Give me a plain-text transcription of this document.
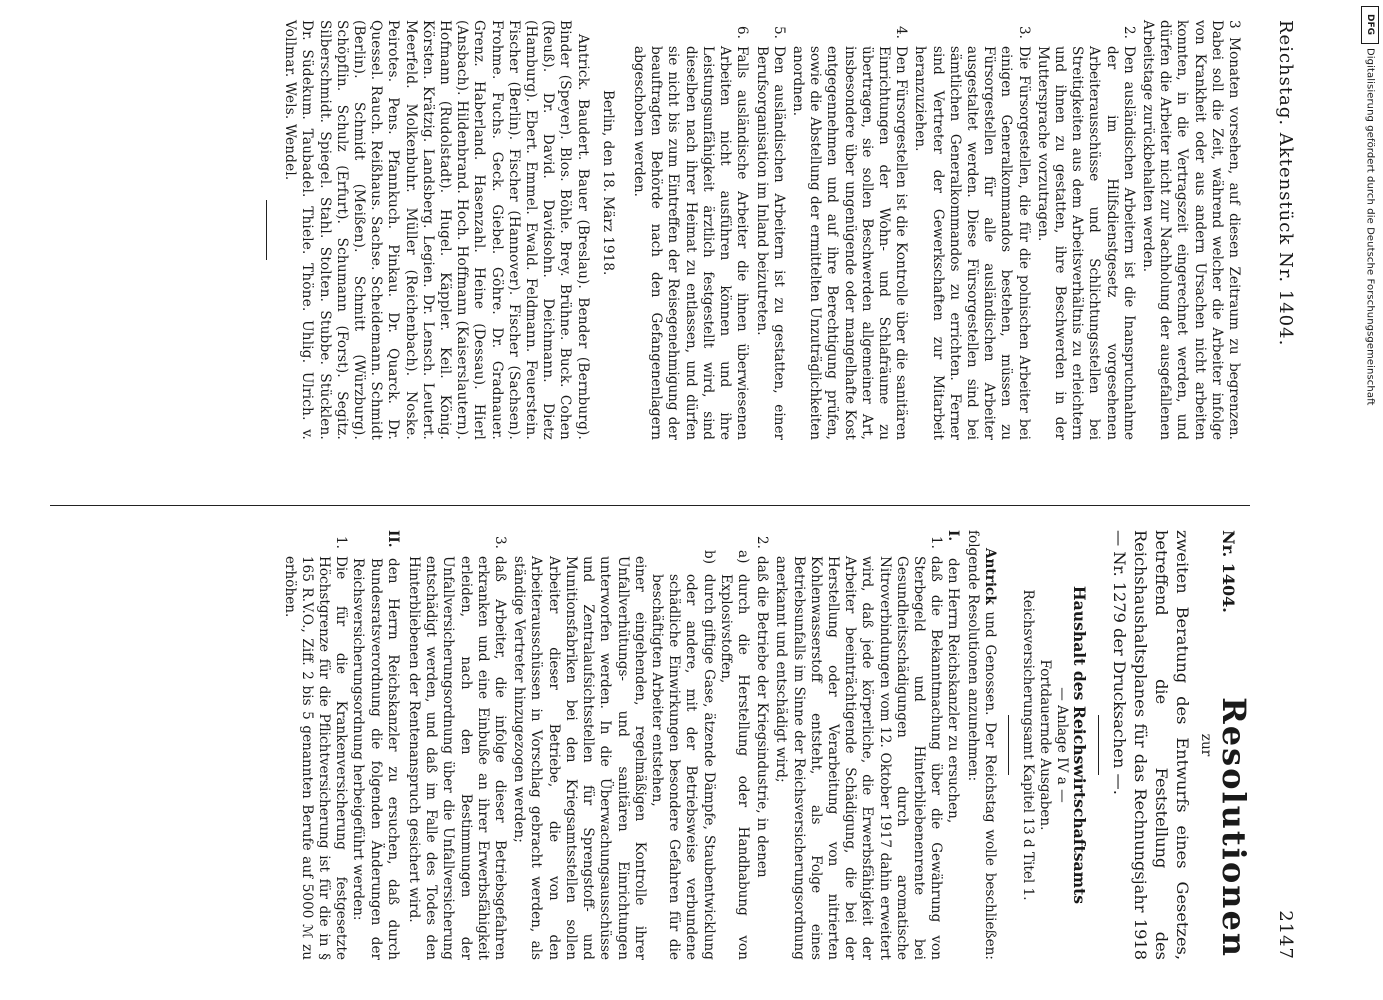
DFG
Digitalisierung gefördert durch die Deutsche Forschungsgemeinschaft
Reichstag. Aktenstück Nr. 1404.
2147

3 Monaten vorsehen, auf diesen Zeitraum zu begrenzen. Dabei soll die Zeit, während welcher die Arbeiter infolge von Krankheit oder aus andern Ursachen nicht arbeiten konnten, in die Vertragszeit eingerechnet werden, und dürfen die Arbeiter nicht zur Nachholung der ausgefallenen Arbeitstage zurückbehalten werden.

2.
Den ausländischen Arbeitern ist die Inanspruchnahme der im Hilfsdienstgesetz vorgesehenen Arbeiterausschüsse und Schlichtungsstellen bei Streitigkeiten aus dem Arbeitsverhältnis zu erleichtern und ihnen zu gestatten, ihre Beschwerden in der Muttersprache vorzutragen.
3.
Die Fürsorgestellen, die für die polnischen Arbeiter bei einigen Generalkommandos bestehen, müssen zu Fürsorgestellen für alle ausländischen Arbeiter ausgestaltet werden. Diese Fürsorgestellen sind bei sämtlichen Generalkommandos zu errichten. Ferner sind Vertreter der Gewerkschaften zur Mitarbeit heranzuziehen.
4.
Den Fürsorgestellen ist die Kontrolle über die sanitären Einrichtungen der Wohn- und Schlafräume zu übertragen, sie sollen Beschwerden allgemeiner Art, insbesondere über ungenügende oder mangelhafte Kost entgegennehmen und auf ihre Berechtigung prüfen, sowie die Abstellung der ermittelten Unzuträglichkeiten anordnen.
5.
Den ausländischen Arbeitern ist zu gestatten, einer Berufsorganisation im Inland beizutreten.
6.
Falls ausländische Arbeiter die ihnen überwiesenen Arbeiten nicht ausführen können und ihre Leistungsunfähigkeit ärztlich festgestellt wird, sind dieselben nach ihrer Heimat zu entlassen, und dürfen sie nicht bis zum Eintreffen der Reisegenehmigung der beauftragten Behörde nach den Gefangenenlagern abgeschoben werden.

Berlin, den 18. März 1918.

Antrick. Baudert. Bauer (Breslau). Bender (Bernburg). Binder (Speyer). Blos. Böhle. Brey. Brühne. Buck. Cohen (Reuß). Dr. David. Davidsohn. Deichmann. Dietz (Hamburg). Ebert. Emmel. Ewald. Feldmann. Feuerstein. Fischer (Berlin). Fischer (Hannover). Fischer (Sachsen). Frohme. Fuchs. Geck. Giebel. Göhre. Dr. Gradnauer. Grenz. Haberland. Hasenzahl. Heine (Dessau). Hierl (Ansbach). Hildenbrand. Hoch. Hoffmann (Kaiserslautern). Hofmann (Rudolstadt). Hugel. Käppler. Keil. König. Körsten. Krätzig. Landsberg. Legien. Dr. Lensch. Leutert. Meerfeld. Molkenbuhr. Müller (Reichenbach). Noske. Peirotes. Pens. Pfannkuch. Pinkau. Dr. Quarck. Dr. Quessel. Rauch. Reißhaus. Sachse. Scheidemann. Schmidt (Berlin). Schmidt (Meißen). Schmitt (Würzburg). Schöpflin. Schulz (Erfurt). Schumann (Forst). Segitz. Silberschmidt. Spiegel. Stahl. Stolten. Stubbe. Stücklen. Dr. Südekum. Taubadel. Thiele. Thöne. Uhlig. Ulrich. v. Vollmar. Wels. Wendel.

Nr. 1404. Resolutionen
zur

zweiten Beratung des Entwurfs eines Gesetzes, betreffend die Feststellung des Reichshaushaltsplanes für das Rechnungsjahr 1918 — Nr. 1279 der Drucksachen —.

Haushalt des Reichswirtschaftsamts
— Anlage IV a —
Fortdauernde Ausgaben.
Reichsversicherungsamt Kapitel 13 d Titel 1.

Antrick und Genossen. Der Reichstag wolle beschließen: folgende Resolutionen anzunehmen:

I.
den Herrn Reichskanzler zu ersuchen,
1.
daß die Bekanntmachung über die Gewährung von Sterbegeld und Hinterbliebenenrente bei Gesundheitsschädigungen durch aromatische Nitroverbindungen vom 12. Oktober 1917 dahin erweitert wird, daß jede körperliche, die Erwerbsfähigkeit der Arbeiter beeinträchtigende Schädigung, die bei der Herstellung oder Verarbeitung von nitrierten Kohlenwasserstoff entsteht, als Folge eines Betriebsunfalls im Sinne der Reichsversicherungsordnung anerkannt und entschädigt wird;
2.
daß die Betriebe der Kriegsindustrie, in denen
a)
durch die Herstellung oder Handhabung von Explosivstoffen,
b)
durch giftige Gase, ätzende Dämpfe, Staubentwicklung oder andere, mit der Betriebsweise verbundene schädliche Einwirkungen besondere Gefahren für die beschäftigten Arbeiter entstehen,

einer eingehenden, regelmäßigen Kontrolle ihrer Unfallverhütungs- und sanitären Einrichtungen unterworfen werden. In die Überwachungsausschüsse und Zentralaufsichtsstellen für Sprengstoff- und Munitionsfabriken bei den Kriegsamtsstellen sollen Arbeiter dieser Betriebe, die von den Arbeiterausschüssen in Vorschlag gebracht werden, als ständige Vertreter hinzugezogen werden;

3.
daß Arbeiter, die infolge dieser Betriebsgefahren erkranken und eine Einbuße an ihrer Erwerbsfähigkeit erleiden, nach den Bestimmungen der Unfallversicherungsordnung über die Unfallversicherung entschädigt werden, und daß im Falle des Todes den Hinterbliebenen der Rentenanspruch gesichert wird.
II.
den Herrn Reichskanzler zu ersuchen, daß durch Bundesratsverordnung die folgenden Änderungen der Reichsversicherungsordnung herbeigeführt werden:
1.
Die für die Krankenversicherung festgesetzte Höchstgrenze für die Pflichtversicherung ist für die in § 165 R.V.O., Ziff. 2 bis 5 genannten Berufe auf 5000 ℳ zu erhöhen.
